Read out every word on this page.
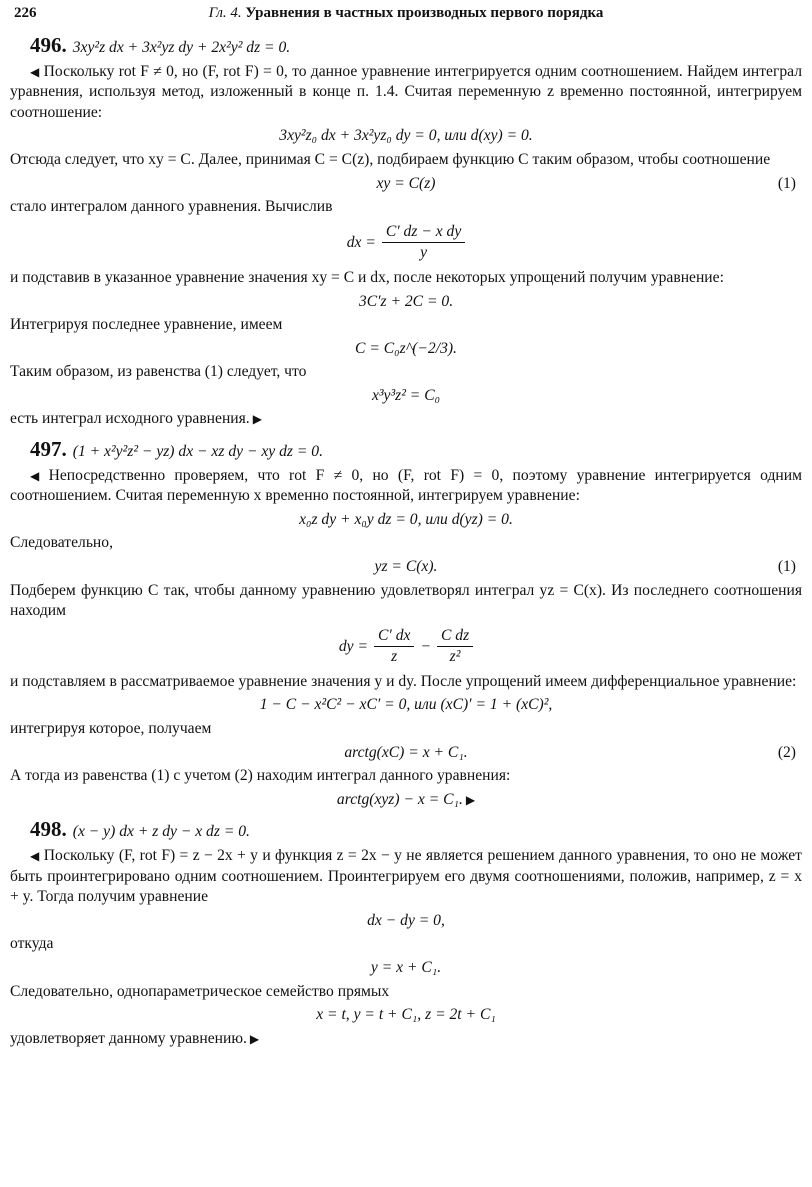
226	Гл. 4. Уравнения в частных производных первого порядка
496. 3xy²z dx + 3x²yz dy + 2x²y² dz = 0.

◀ Поскольку rot F ≠ 0, но (F, rot F) = 0, то данное уравнение интегрируется одним соотношением. Найдем интеграл уравнения, используя метод, изложенный в конце п. 1.4. Считая переменную z временно постоянной, интегрируем соотношение:

3xy²z₀ dx + 3x²yz₀ dy = 0, или d(xy) = 0.

Отсюда следует, что xy = C. Далее, принимая C = C(z), подбираем функцию C таким образом, чтобы соотношение

xy = C(z)	(1)

стало интегралом данного уравнения. Вычислив

dx = $\frac{\text{C′ dz − x dy}}{y}$

и подставив в указанное уравнение значения xy = C и dx, после некоторых упрощений получим уравнение:

3C′z + 2C = 0.

Интегрируя последнее уравнение, имеем

C = C₀z^(−2/3).

Таким образом, из равенства (1) следует, что

x³y³z² = C₀

есть интеграл исходного уравнения. ▶

497. (1 + x²y²z² − yz) dx − xz dy − xy dz = 0.

◀ Непосредственно проверяем, что rot F ≠ 0, но (F, rot F) = 0, поэтому уравнение интегрируется одним соотношением. Считая переменную x временно постоянной, интегрируем уравнение:

x₀z dy + x₀y dz = 0, или d(yz) = 0.

Следовательно,

yz = C(x).	(1)

Подберем функцию C так, чтобы данному уравнению удовлетворял интеграл yz = C(x). Из последнего соотношения находим

dy = $\frac{C' dx}{z} - \frac{\text{C dz}}{\text{z²}}$

и подставляем в рассматриваемое уравнение значения y и dy. После упрощений имеем дифференциальное уравнение:

1 − C − x²C² − xC′ = 0, или (xC)′ = 1 + (xC)²,

интегрируя которое, получаем

arctg(xC) = x + C₁.	(2)

А тогда из равенства (1) с учетом (2) находим интеграл данного уравнения:

arctg(xyz) − x = C₁. ▶
498. (x − y) dx + z dy − x dz = 0.

◀ Поскольку (F, rot F) = z − 2x + y и функция z = 2x − y не является решением данного уравнения, то оно не может быть проинтегрировано одним соотношением. Проинтегрируем его двумя соотношениями, положив, например, z = x + y. Тогда получим уравнение

dx − dy = 0,

откуда

y = x + C₁.

Следовательно, однопараметрическое семейство прямых

x = t, y = t + C₁, z = 2t + C₁

удовлетворяет данному уравнению. ▶
